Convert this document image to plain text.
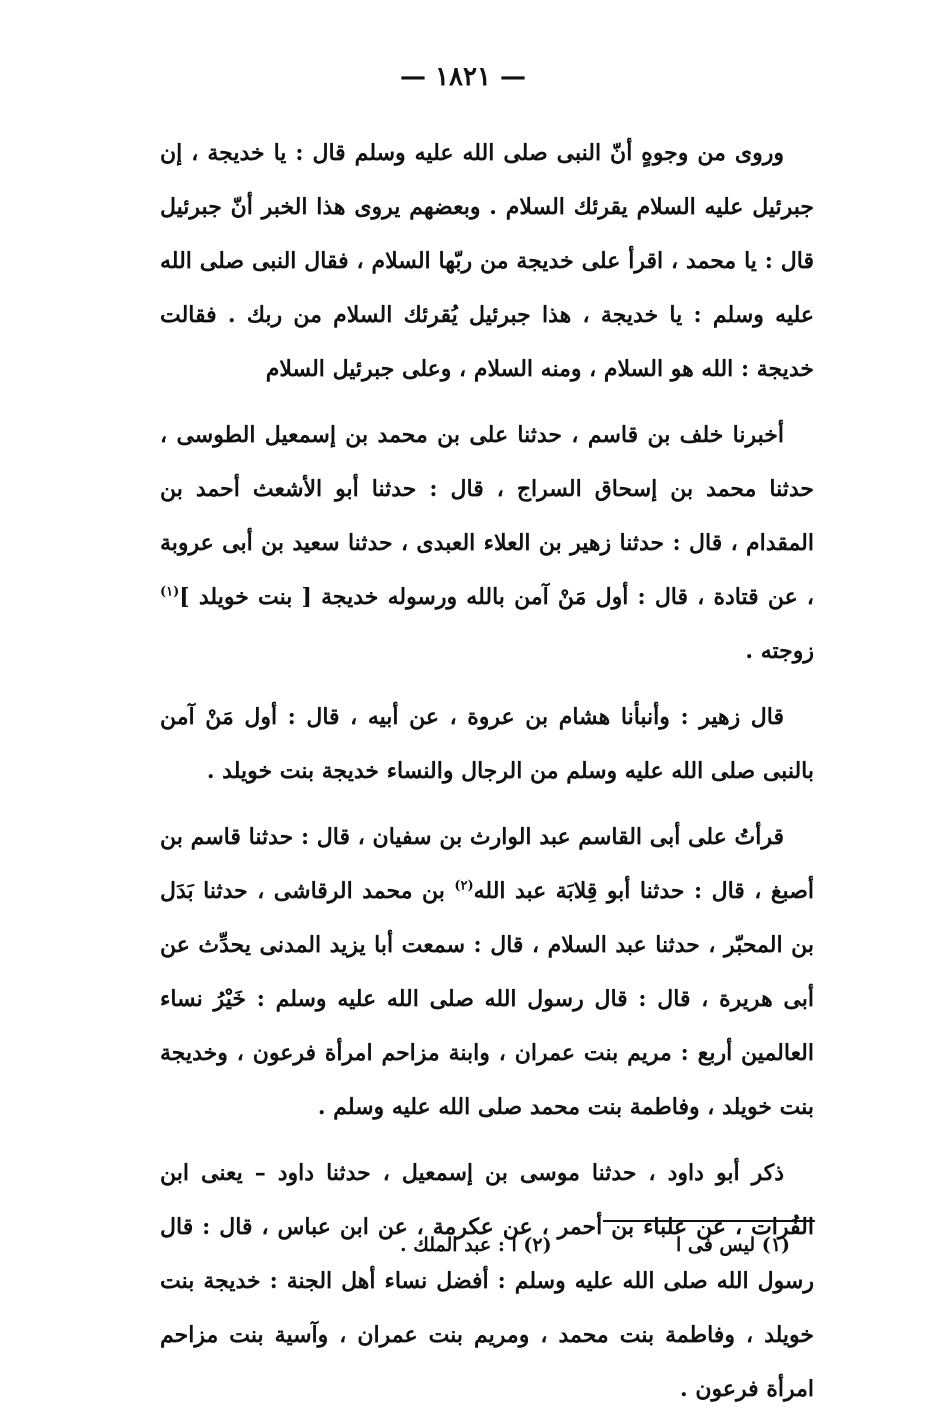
— ١٨٢١ —

وروى من وجوهٍ أنّ النبى صلى الله عليه وسلم قال : يا خديجة ، إن جبرئيل عليه السلام يقرئك السلام . وبعضهم يروى هذا الخبر أنّ جبرئيل قال : يا محمد ، اقرأ على خديجة من ربّها السلام ، فقال النبى صلى الله عليه وسلم : يا خديجة ، هذا جبرئيل يُقرئك السلام من ربك . فقالت خديجة : الله هو السلام ، ومنه السلام ، وعلى جبرئيل السلام

أخبرنا خلف بن قاسم ، حدثنا على بن محمد بن إسمعيل الطوسى ، حدثنا محمد بن إسحاق السراج ، قال : حدثنا أبو الأشعث أحمد بن المقدام ، قال : حدثنا زهير بن العلاء العبدى ، حدثنا سعيد بن أبى عروبة ، عن قتادة ، قال : أول مَنْ آمن بالله ورسوله خديجة [ بنت خويلد ]$^{(١)}$ زوجته .

قال زهير : وأنبأنا هشام بن عروة ، عن أبيه ، قال : أول مَنْ آمن بالنبى صلى الله عليه وسلم من الرجال والنساء خديجة بنت خويلد .

قرأتُ على أبى القاسم عبد الوارث بن سفيان ، قال : حدثنا قاسم بن أصبغ ، قال : حدثنا أبو قِلابَة عبد الله$^{(٢)}$ بن محمد الرقاشى ، حدثنا بَدَل بن المحبّر ، حدثنا عبد السلام ، قال : سمعت أبا يزيد المدنى يحدِّث عن أبى هريرة ، قال : قال رسول الله صلى الله عليه وسلم : خَيْرُ نساء العالمين أربع : مريم بنت عمران ، وابنة مزاحم امرأة فرعون ، وخديجة بنت خويلد ، وفاطمة بنت محمد صلى الله عليه وسلم .

ذكر أبو داود ، حدثنا موسى بن إسمعيل ، حدثنا داود – يعنى ابن الفُرات ، عن علباء بن أحمر ، عن عكرمة ، عن ابن عباس ، قال : قال رسول الله صلى الله عليه وسلم : أفضل نساء أهل الجنة : خديجة بنت خويلد ، وفاطمة بنت محمد ، ومريم بنت عمران ، وآسية بنت مزاحم امرأة فرعون .

(١) ليس فى ا
(٢) ا : عبد الملك .
